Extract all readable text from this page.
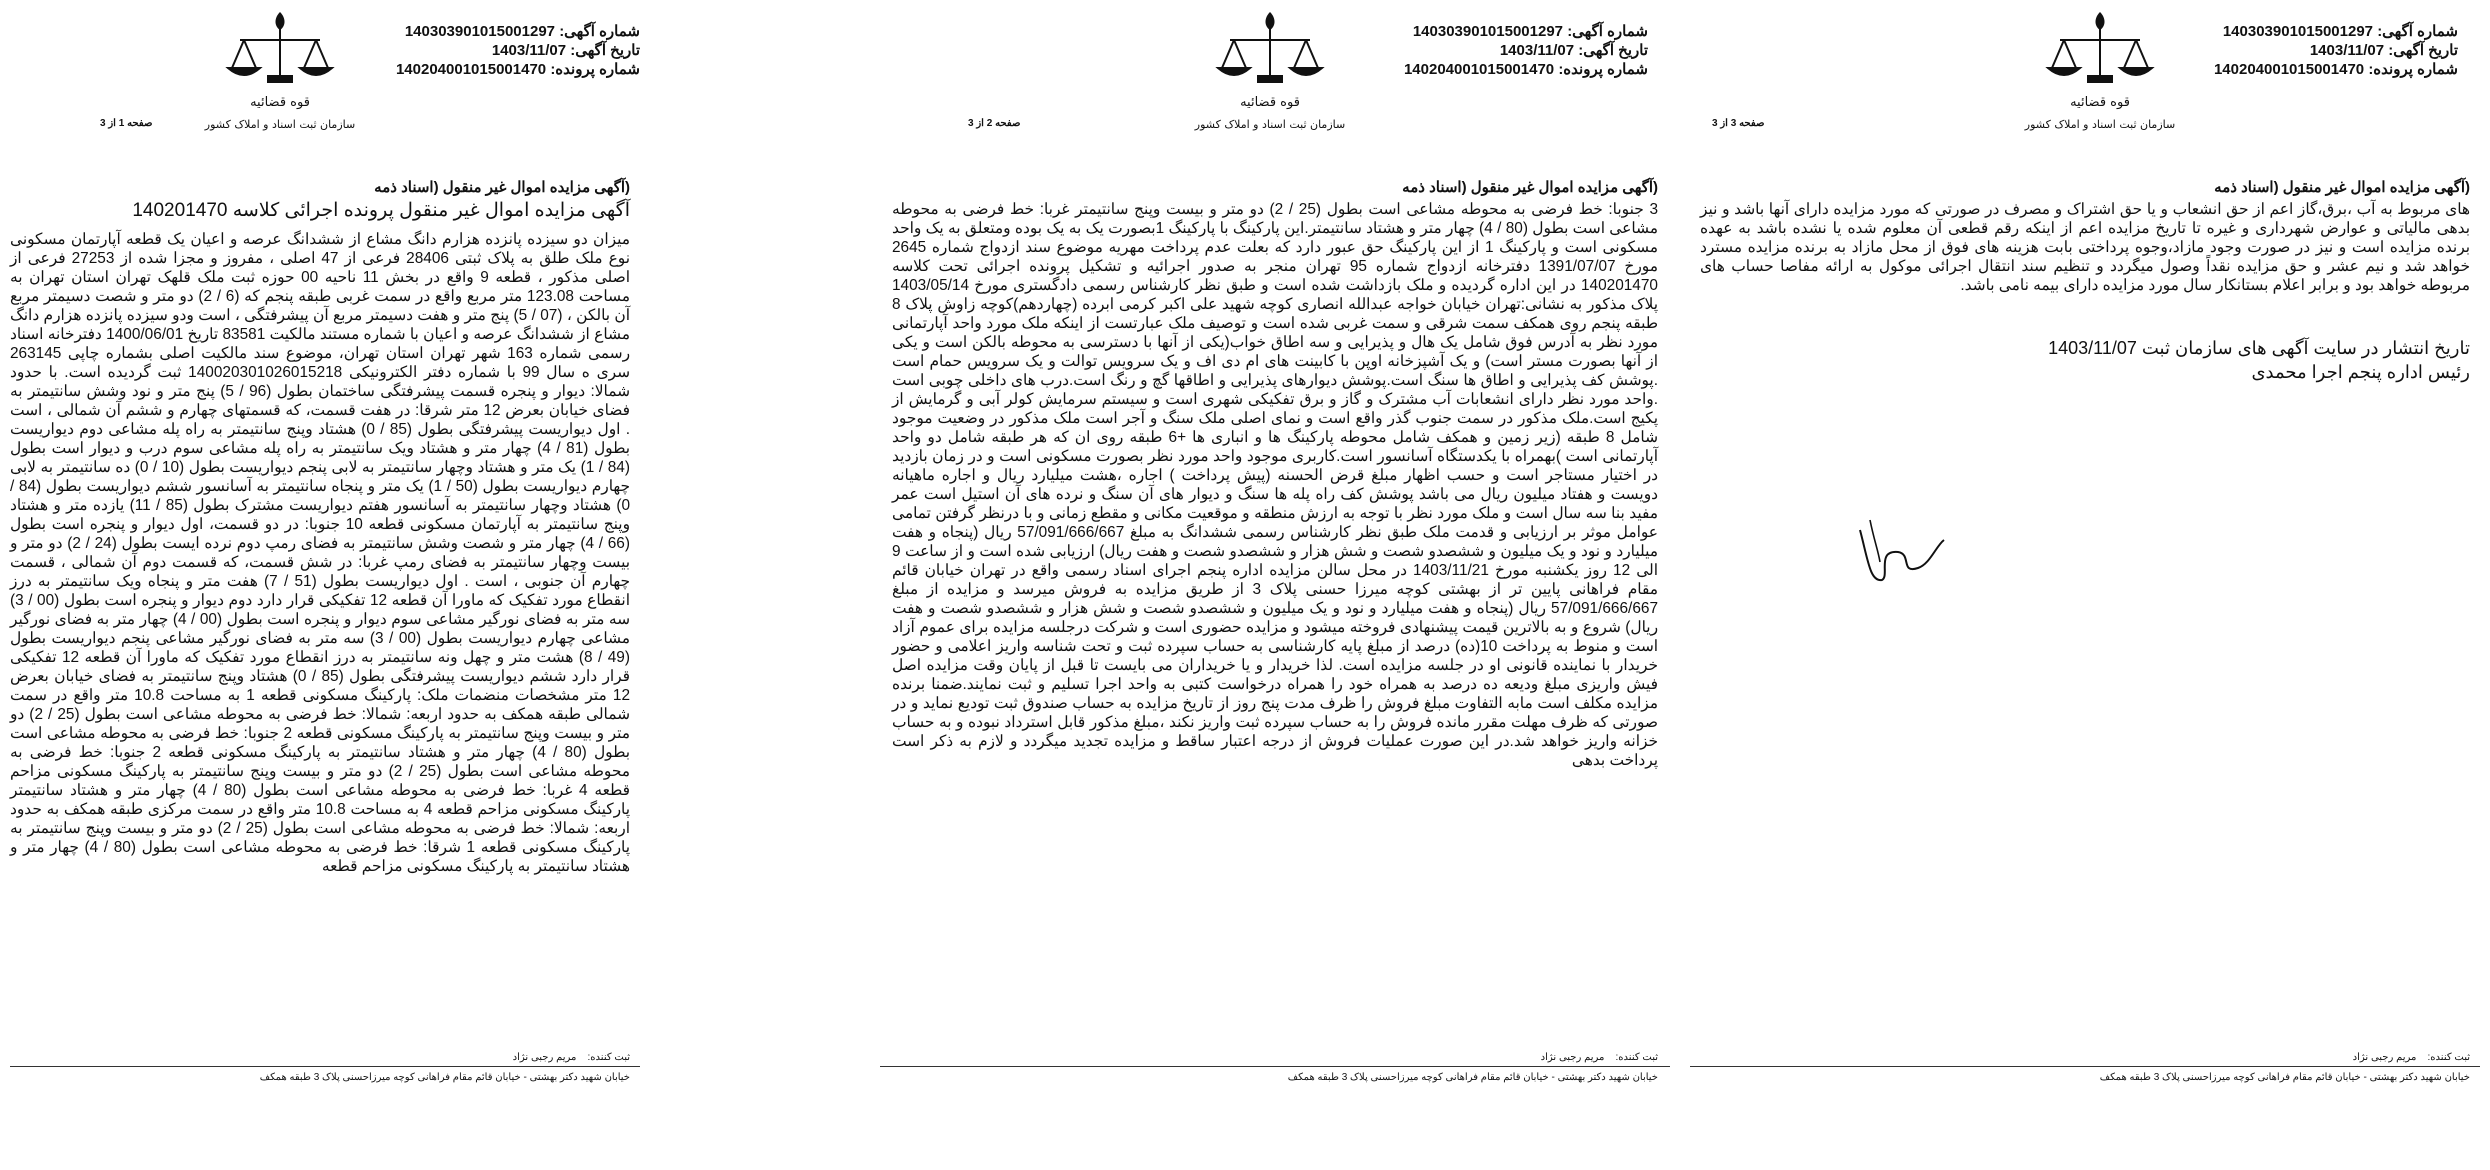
شماره آگهی: 140303901015001297
تاریخ آگهی: 1403/11/07
شماره پرونده: 140204001015001470
قوه قضائیه
سازمان ثبت اسناد و املاک کشور
صفحه 3 از 3
(آگهی مزایده اموال غیر منقول (اسناد ذمه
های مربوط به آب ،برق،گاز اعم از حق انشعاب و یا حق اشتراک و مصرف در صورتی که مورد مزایده دارای آنها باشد و نیز بدهی مالیاتی و عوارض شهرداری و غیره تا تاریخ مزایده اعم از اینکه رقم قطعی آن معلوم شده یا نشده باشد به عهده برنده مزایده است و نیز در صورت وجود مازاد،وجوه پرداختی بابت هزینه های فوق از محل مازاد به برنده مزایده مسترد خواهد شد و نیم عشر و حق مزایده نقداً وصول میگردد و تنظیم سند انتقال اجرائی موکول به ارائه مفاصا حساب های مربوطه خواهد بود و برابر اعلام بستانکار سال مورد مزایده دارای بیمه نامی باشد.
تاریخ انتشار در سایت آگهی های سازمان ثبت 1403/11/07
رئیس اداره پنجم اجرا محمدی
ثبت کننده:    مریم رجبی نژاد
خیابان شهید دکتر بهشتی - خیابان قائم مقام فراهانی کوچه میرزاحسنی پلاک 3 طبقه همکف
شماره آگهی: 140303901015001297
تاریخ آگهی: 1403/11/07
شماره پرونده: 140204001015001470
قوه قضائیه
سازمان ثبت اسناد و املاک کشور
صفحه 2 از 3
(آگهی مزایده اموال غیر منقول (اسناد ذمه
3 جنوبا: خط فرضی به محوطه مشاعی است بطول (25 / 2) دو متر و بیست وپنج سانتیمتر غربا: خط فرضی به محوطه مشاعی است بطول (80 / 4) چهار متر و هشتاد سانتیمتر.این پارکینگ با پارکینگ 1بصورت یک به یک بوده ومتعلق به یک واحد مسکونی است و پارکینگ 1 از این پارکینگ حق عبور دارد که بعلت عدم پرداخت مهریه موضوع سند ازدواج شماره 2645 مورخ 1391/07/07 دفترخانه ازدواج شماره 95 تهران منجر به صدور اجرائیه و تشکیل پرونده اجرائی تحت کلاسه 140201470 در این اداره گردیده و ملک بازداشت شده است و طبق نظر کارشناس رسمی دادگستری مورخ 1403/05/14 پلاک مذکور به نشانی:تهران خیابان خواجه عبدالله انصاری کوچه شهید علی اکبر کرمی ابرده (چهاردهم)کوچه زاوش پلاک 8 طبقه پنجم روی همکف سمت شرقی و سمت غربی شده است و توصیف ملک عبارتست از اینکه ملک مورد واحد آپارتمانی مورد نظر به آدرس فوق شامل یک هال و پذیرایی و سه اطاق خواب(یکی از آنها با دسترسی به محوطه بالکن است و یکی از آنها بصورت مستر است) و یک آشپزخانه اوپن با کابینت های ام دی اف و یک سرویس توالت و یک سرویس حمام است .پوشش کف پذیرایی و اطاق ها سنگ است.پوشش دیوارهای پذیرایی و اطاقها گچ و رنگ است.درب های داخلی چوبی است .واحد مورد نظر دارای انشعابات آب مشترک و گاز و برق تفکیکی شهری است و سیستم سرمایش کولر آبی و گرمایش از پکیج است.ملک مذکور در سمت جنوب گذر واقع است و نمای اصلی ملک سنگ و آجر است ملک مذکور در وضعیت موجود شامل 8 طبقه (زیر زمین و همکف شامل محوطه پارکینگ ها و انباری ها +6 طبقه روی ان که هر طبقه شامل دو واحد آپارتمانی است )بهمراه با یکدستگاه آسانسور است.کاربری موجود واحد مورد نظر بصورت مسکونی است و در زمان بازدید در اختیار مستاجر است و حسب اظهار مبلغ قرض الحسنه (پیش پرداخت ) اجاره ،هشت میلیارد ریال و اجاره ماهیانه دویست و هفتاد میلیون ریال می باشد پوشش کف راه پله ها سنگ و دیوار های آن سنگ و نرده های آن استیل است عمر مفید بنا سه سال است و ملک مورد نظر با توجه به ارزش منطقه و موقعیت مکانی و مقطع زمانی و با درنظر گرفتن تمامی عوامل موثر بر ارزیابی و قدمت ملک طبق نظر کارشناس رسمی ششدانگ به مبلغ 57/091/666/667 ریال (پنجاه و هفت میلیارد و نود و یک میلیون و ششصدو شصت و شش هزار و ششصدو شصت و هفت ریال) ارزیابی شده است و از ساعت 9 الی 12 روز یکشنبه مورخ 1403/11/21 در محل سالن مزایده اداره پنجم اجرای اسناد رسمی واقع در تهران خیابان قائم مقام فراهانی پایین تر از بهشتی کوچه میرزا حسنی پلاک 3 از طریق مزایده به فروش میرسد و مزایده از مبلغ 57/091/666/667 ریال (پنجاه و هفت میلیارد و نود و یک میلیون و ششصدو شصت و شش هزار و ششصدو شصت و هفت ریال) شروع و به بالاترین قیمت پیشنهادی فروخته میشود و مزایده حضوری است و شرکت درجلسه مزایده برای عموم آزاد است و منوط به پرداخت 10(ده) درصد از مبلغ پایه کارشناسی به حساب سپرده ثبت و تحت شناسه واریز اعلامی و حضور خریدار با نماینده قانونی او در جلسه مزایده است. لذا خریدار و یا خریداران می بایست تا قبل از پایان وقت مزایده اصل فیش واریزی مبلغ ودیعه ده درصد به همراه خود را همراه درخواست کتبی به واحد اجرا تسلیم و ثبت نمایند.ضمنا برنده مزایده مکلف است مابه التفاوت مبلغ فروش را ظرف مدت پنج روز از تاریخ مزایده به حساب صندوق ثبت تودیع نماید و در صورتی که ظرف مهلت مقرر مانده فروش را به حساب سپرده ثبت واریز نکند ،مبلغ مذکور قابل استرداد نبوده و به حساب خزانه واریز خواهد شد.در این صورت عملیات فروش از درجه اعتبار ساقط و مزایده تجدید میگردد و لازم به ذکر است پرداخت بدهی
ثبت کننده:    مریم رجبی نژاد
خیابان شهید دکتر بهشتی - خیابان قائم مقام فراهانی کوچه میرزاحسنی پلاک 3 طبقه همکف
شماره آگهی: 140303901015001297
تاریخ آگهی: 1403/11/07
شماره پرونده: 140204001015001470
قوه قضائیه
سازمان ثبت اسناد و املاک کشور
صفحه 1 از 3
(آگهی مزایده اموال غیر منقول (اسناد ذمه
آگهی مزایده اموال غیر منقول پرونده اجرائی کلاسه 140201470
میزان دو سیزده پانزده هزارم دانگ مشاع از ششدانگ عرصه و اعیان یک قطعه آپارتمان مسکونی نوع ملک طلق به پلاک ثبتی 28406 فرعی از 47 اصلی ، مفروز و مجزا شده از 27253 فرعی از اصلی مذکور ، قطعه 9 واقع در بخش 11 ناحیه 00 حوزه ثبت ملک قلهک تهران استان تهران به مساحت 123.08 متر مربع واقع در سمت غربی طبقه پنجم که (6 / 2) دو متر و شصت دسیمتر مربع آن بالکن ، (07 / 5) پنج متر و هفت دسیمتر مربع آن پیشرفتگی ، است ودو سیزده پانزده هزارم دانگ مشاع از ششدانگ عرصه و اعیان با شماره مستند مالکیت 83581 تاریخ 1400/06/01 دفترخانه اسناد رسمی شماره 163 شهر تهران استان تهران، موضوع سند مالکیت اصلی بشماره چاپی 263145 سری ه سال 99 با شماره دفتر الکترونیکی 140020301026015218 ثبت گردیده است. با حدود شمالا: دیوار و پنجره قسمت پیشرفتگی ساختمان بطول (96 / 5) پنج متر و نود وشش سانتیمتر به فضای خیابان بعرض 12 متر شرقا: در هفت قسمت، که قسمتهای چهارم و ششم آن شمالی ، است . اول دیواریست پیشرفتگی بطول (85 / 0) هشتاد وپنج سانتیمتر به راه پله مشاعی دوم دیواریست بطول (81 / 4) چهار متر و هشتاد ویک سانتیمتر به راه پله مشاعی سوم درب و دیوار است بطول (84 / 1) یک متر و هشتاد وچهار سانتیمتر به لابی پنجم دیواریست بطول (10 / 0) ده سانتیمتر به لابی چهارم دیواریست بطول (50 / 1) یک متر و پنجاه سانتیمتر به آسانسور ششم دیواریست بطول (84 / 0) هشتاد وچهار سانتیمتر به آسانسور هفتم دیواریست مشترک بطول (85 / 11) یازده متر و هشتاد وپنج سانتیمتر به آپارتمان مسکونی قطعه 10 جنوبا: در دو قسمت، اول دیوار و پنجره است بطول (66 / 4) چهار متر و شصت وشش سانتیمتر به فضای رمپ دوم نرده ایست بطول (24 / 2) دو متر و بیست وچهار سانتیمتر به فضای رمپ غربا: در شش قسمت، که قسمت دوم آن شمالی ، قسمت چهارم آن جنوبی ، است . اول دیواریست بطول (51 / 7) هفت متر و پنجاه ویک سانتیمتر به درز انقطاع مورد تفکیک که ماورا آن قطعه 12 تفکیکی قرار دارد دوم دیوار و پنجره است بطول (00 / 3) سه متر به فضای نورگیر مشاعی سوم دیوار و پنجره است بطول (00 / 4) چهار متر به فضای نورگیر مشاعی چهارم دیواریست بطول (00 / 3) سه متر به فضای نورگیر مشاعی پنجم دیواریست بطول (49 / 8) هشت متر و چهل ونه سانتیمتر به درز انقطاع مورد تفکیک که ماورا آن قطعه 12 تفکیکی قرار دارد ششم دیواریست پیشرفتگی بطول (85 / 0) هشتاد وپنج سانتیمتر به فضای خیابان بعرض 12 متر مشخصات منضمات ملک: پارکینگ مسکونی قطعه 1 به مساحت 10.8 متر واقع در سمت شمالی طبقه همکف به حدود اربعه: شمالا: خط فرضی به محوطه مشاعی است بطول (25 / 2) دو متر و بیست وپنج سانتیمتر به پارکینگ مسکونی قطعه 2 جنوبا: خط فرضی به محوطه مشاعی است بطول (80 / 4) چهار متر و هشتاد سانتیمتر به پارکینگ مسکونی قطعه 2 جنوبا: خط فرضی به محوطه مشاعی است بطول (25 / 2) دو متر و بیست وپنج سانتیمتر به پارکینگ مسکونی مزاحم قطعه 4 غربا: خط فرضی به محوطه مشاعی است بطول (80 / 4) چهار متر و هشتاد سانتیمتر پارکینگ مسکونی مزاحم قطعه 4 به مساحت 10.8 متر واقع در سمت مرکزی طبقه همکف به حدود اربعه: شمالا: خط فرضی به محوطه مشاعی است بطول (25 / 2) دو متر و بیست وپنج سانتیمتر به پارکینگ مسکونی قطعه 1 شرقا: خط فرضی به محوطه مشاعی است بطول (80 / 4) چهار متر و هشتاد سانتیمتر به پارکینگ مسکونی مزاحم قطعه
ثبت کننده:    مریم رجبی نژاد
خیابان شهید دکتر بهشتی - خیابان قائم مقام فراهانی کوچه میرزاحسنی پلاک 3 طبقه همکف
